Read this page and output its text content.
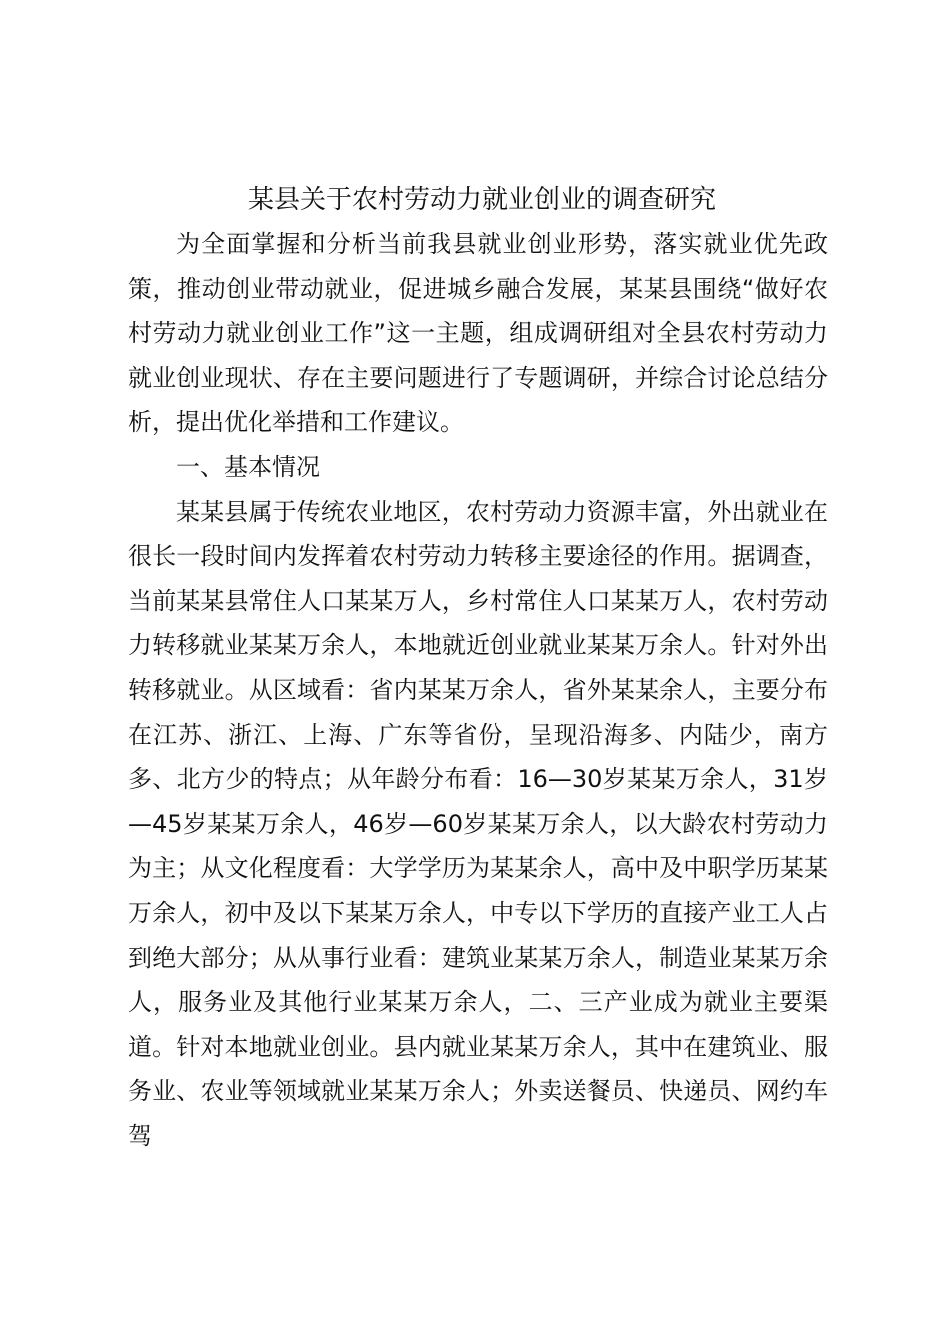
某县关于农村劳动力就业创业的调查研究

为全面掌握和分析当前我县就业创业形势，落实就业优先政策，推动创业带动就业，促进城乡融合发展，某某县围绕“做好农村劳动力就业创业工作”这一主题，组成调研组对全县农村劳动力就业创业现状、存在主要问题进行了专题调研，并综合讨论总结分析，提出优化举措和工作建议。

一、基本情况

某某县属于传统农业地区，农村劳动力资源丰富，外出就业在很长一段时间内发挥着农村劳动力转移主要途径的作用。据调查，当前某某县常住人口某某万人，乡村常住人口某某万人，农村劳动力转移就业某某万余人，本地就近创业就业某某万余人。针对外出转移就业。从区域看：省内某某万余人，省外某某余人，主要分布在江苏、浙江、上海、广东等省份，呈现沿海多、内陆少，南方多、北方少的特点；从年龄分布看：16—30岁某某万余人，31岁—45岁某某万余人，46岁—60岁某某万余人，以大龄农村劳动力为主；从文化程度看：大学学历为某某余人，高中及中职学历某某万余人，初中及以下某某万余人，中专以下学历的直接产业工人占到绝大部分；从从事行业看：建筑业某某万余人，制造业某某万余人，服务业及其他行业某某万余人，二、三产业成为就业主要渠道。针对本地就业创业。县内就业某某万余人，其中在建筑业、服务业、农业等领域就业某某万余人；外卖送餐员、快递员、网约车驾
